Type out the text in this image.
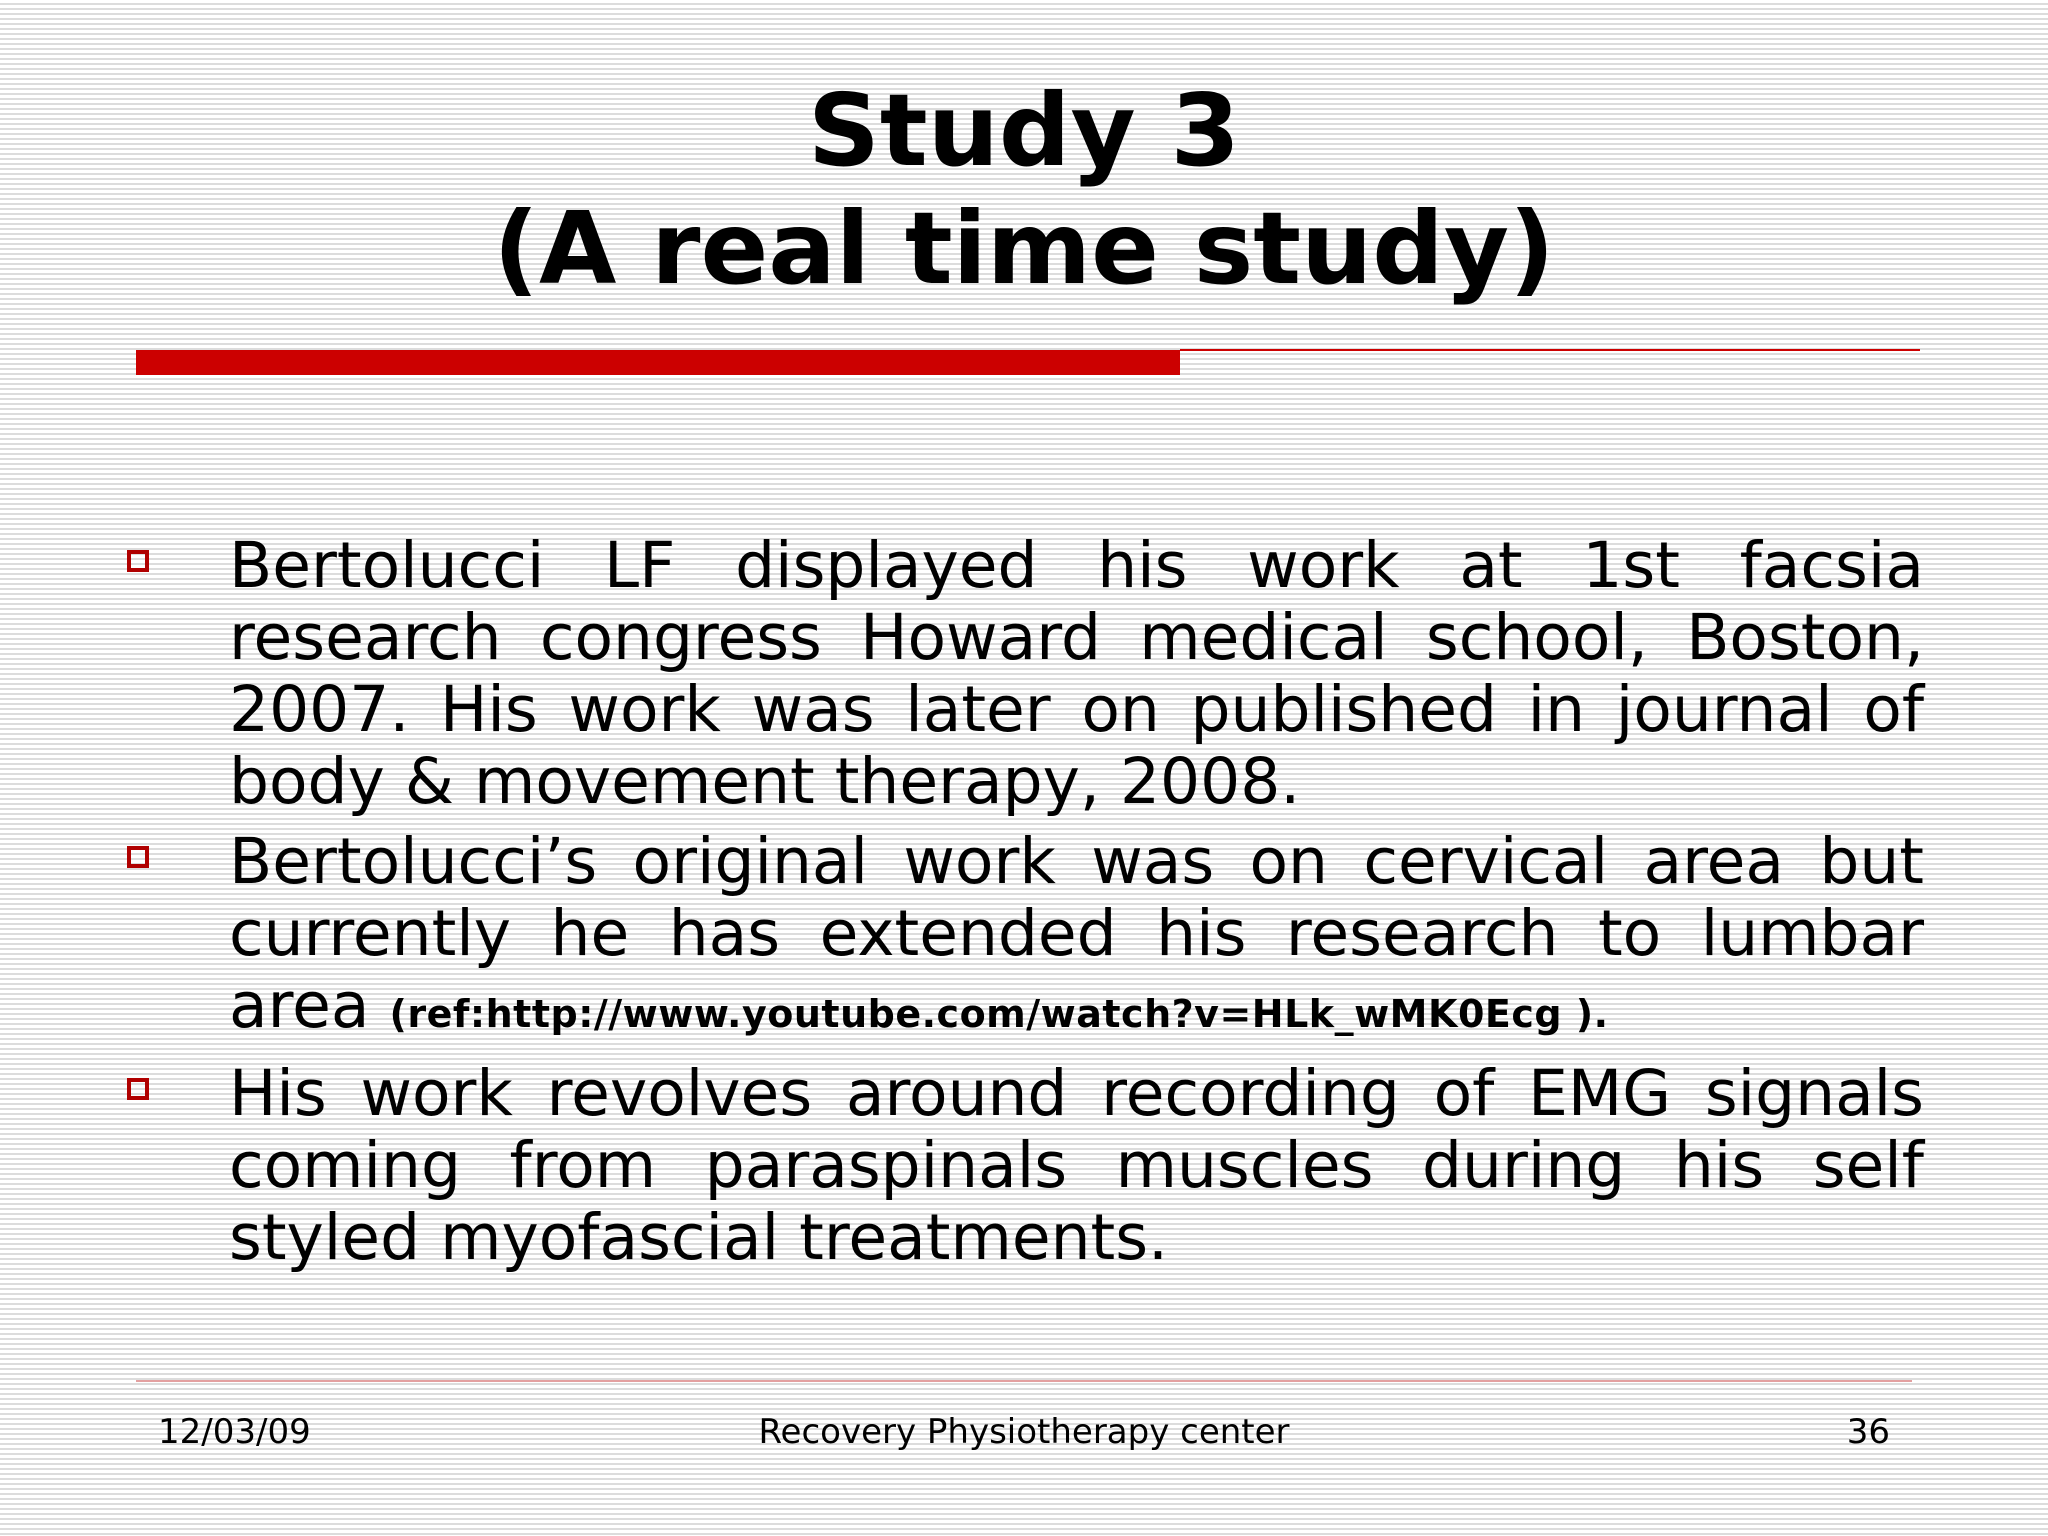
Study 3
(A real time study)
Bertolucci LF displayed his work at 1st facsia research congress Howard medical school, Boston, 2007. His work was later on published in journal of body & movement therapy, 2008.
Bertolucci’s original work was on cervical area but currently he has extended his research to lumbar area (ref:http://www.youtube.com/watch?v=HLk_wMK0Ecg ).
His work revolves around recording of EMG signals coming from paraspinals muscles during his self styled myofascial treatments.
12/03/09	Recovery Physiotherapy center	36
